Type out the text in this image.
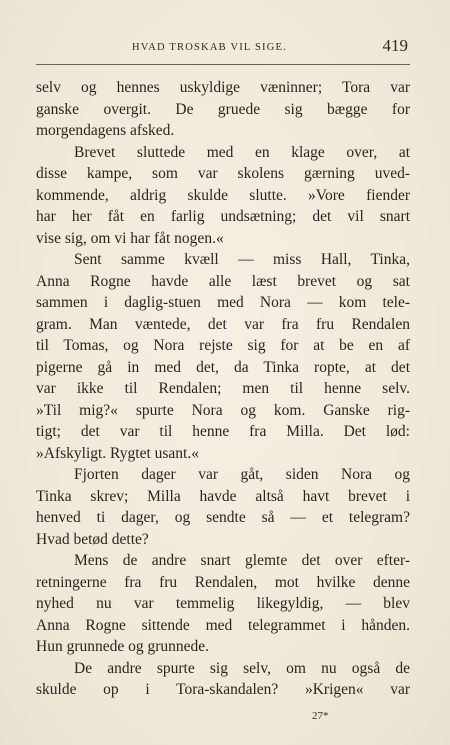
HVAD TROSKAB VIL SIGE.	419
selv og hennes uskyldige væninner; Tora var
ganske overgit. De gruede sig bægge for
morgendagens afsked.
Brevet sluttede med en klage over, at
disse kampe, som var skolens gærning uved-
kommende, aldrig skulde slutte. »Vore fiender
har her fåt en farlig undsætning; det vil snart
vise sig, om vi har fåt nogen.«
Sent samme kvæll — miss Hall, Tinka,
Anna Rogne havde alle læst brevet og sat
sammen i daglig-stuen med Nora — kom tele-
gram. Man væntede, det var fra fru Rendalen
til Tomas, og Nora rejste sig for at be en af
pigerne gå in med det, da Tinka ropte, at det
var ikke til Rendalen; men til henne selv.
»Til mig?« spurte Nora og kom. Ganske rig-
tigt; det var til henne fra Milla. Det lød:
»Afskyligt. Rygtet usant.«
Fjorten dager var gåt, siden Nora og
Tinka skrev; Milla havde altså havt brevet i
henved ti dager, og sendte så — et telegram?
Hvad betød dette?
Mens de andre snart glemte det over efter-
retningerne fra fru Rendalen, mot hvilke denne
nyhed nu var temmelig likegyldig, — blev
Anna Rogne sittende med telegrammet i hånden.
Hun grunnede og grunnede.
De andre spurte sig selv, om nu også de
skulde op i Tora-skandalen? »Krigen« var
27*
